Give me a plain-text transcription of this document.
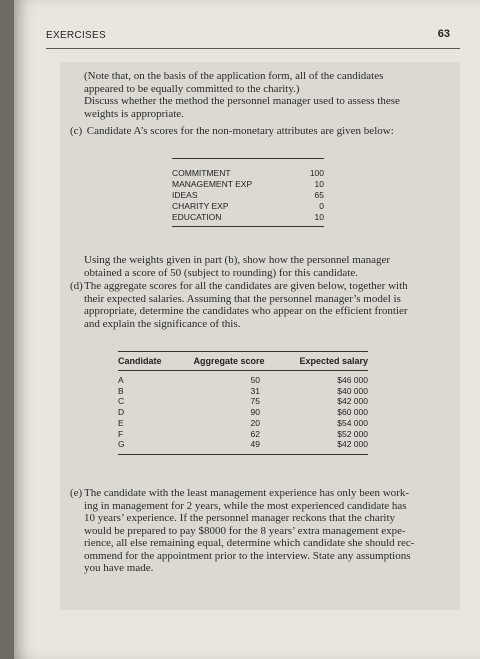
EXERCISES	63
(Note that, on the basis of the application form, all of the candidates
appeared to be equally committed to the charity.)
Discuss whether the method the personnel manager used to assess these
weights is appropriate.
(c) Candidate A’s scores for the non-monetary attributes are given below:
COMMITMENT	100
MANAGEMENT EXP	10
IDEAS	65
CHARITY EXP	0
EDUCATION	10
Using the weights given in part (b), show how the personnel manager
obtained a score of 50 (subject to rounding) for this candidate.
(d)The aggregate scores for all the candidates are given below, together with

their expected salaries. Assuming that the personnel manager’s model is
appropriate, determine the candidates who appear on the efficient frontier
and explain the significance of this.
Candidate	Aggregate score	Expected salary
A	50	$46 000
B	31	$40 000
C	75	$42 000
D	90	$60 000
E	20	$54 000
F	62	$52 000
G	49	$42 000
(e) The candidate with the least management experience has only been work-

ing in management for 2 years, while the most experienced candidate has
10 years’ experience. If the personnel manager reckons that the charity
would be prepared to pay $8000 for the 8 years’ extra management expe-
rience, all else remaining equal, determine which candidate she should rec-
ommend for the appointment prior to the interview. State any assumptions
you have made.
